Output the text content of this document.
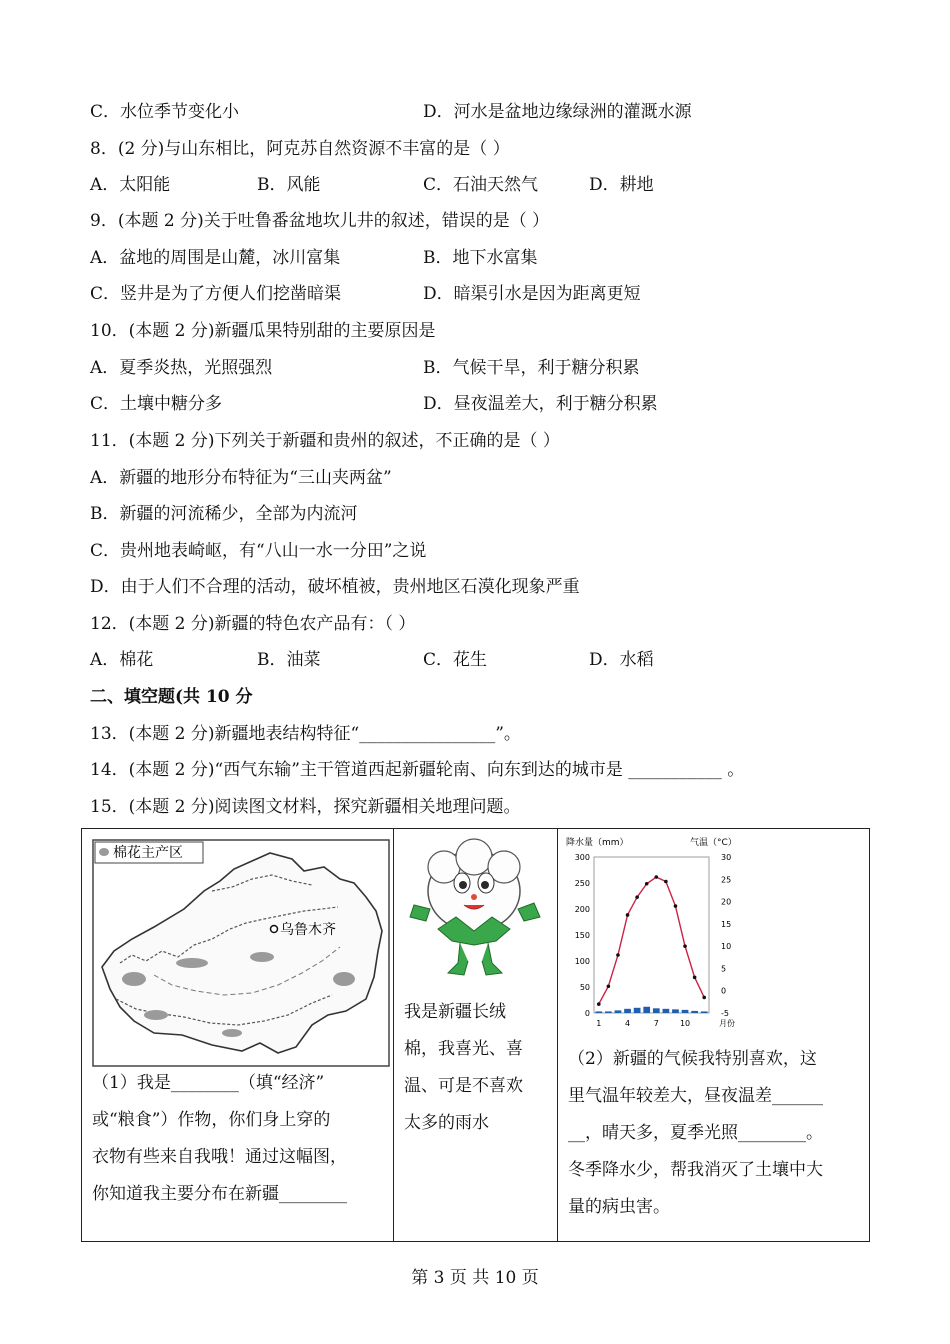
C．水位季节变化小	D．河水是盆地边缘绿洲的灌溉水源
8．(2 分)与山东相比，阿克苏自然资源不丰富的是（ ）
A．太阳能	B．风能	C．石油天然气	D．耕地
9．(本题 2 分)关于吐鲁番盆地坎儿井的叙述，错误的是（ ）
A．盆地的周围是山麓，冰川富集	B．地下水富集
C．竖井是为了方便人们挖凿暗渠	D．暗渠引水是因为距离更短
10．(本题 2 分)新疆瓜果特别甜的主要原因是
A．夏季炎热，光照强烈	B．气候干旱，利于糖分积累
C．土壤中糖分多	D．昼夜温差大，利于糖分积累
11．(本题 2 分)下列关于新疆和贵州的叙述，不正确的是（ ）
A．新疆的地形分布特征为“三山夹两盆”
B．新疆的河流稀少，全部为内流河
C．贵州地表崎岖，有“八山一水一分田”之说
D．由于人们不合理的活动，破坏植被，贵州地区石漠化现象严重
12．(本题 2 分)新疆的特色农产品有：（ ）
A．棉花	B．油菜	C．花生	D．水稻
二、填空题(共 10 分
13．(本题 2 分)新疆地表结构特征“________________”。
14．(本题 2 分)“西气东输”主干管道西起新疆轮南、向东到达的城市是 ___________ 。
15．(本题 2 分)阅读图文材料，探究新疆相关地理问题。
棉花主产区
乌鲁木齐
（1）我是________（填“经济”
或“粮食”）作物，你们身上穿的
衣物有些来自我哦！通过这幅图，
你知道我主要分布在新疆________

我是新疆长绒
棉，我喜光、喜
温、可是不喜欢
太多的雨水

降水量（mm）	气温（°C）
0
50
100
150
200
250
300
-5
0
5
10
15
20
25
30
1	4	7	10	月份
（2）新疆的气候我特别喜欢，这
里气温年较差大，昼夜温差______
__，晴天多，夏季光照________。
冬季降水少，帮我消灭了土壤中大
量的病虫害。
第 3 页 共 10 页
